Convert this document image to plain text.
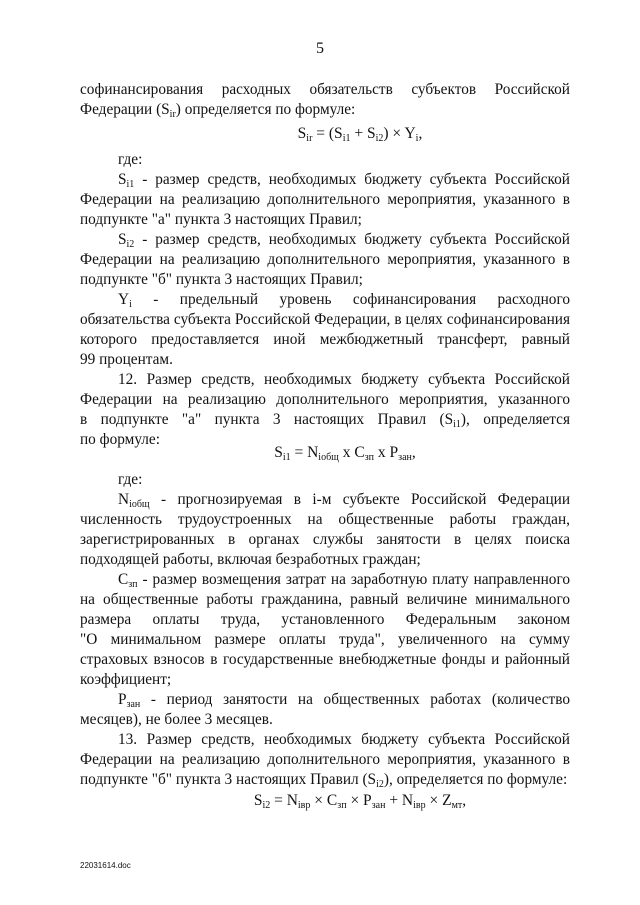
5
софинансирования расходных обязательств субъектов Российской
Федерации $(S_{ir})$ определяется по формуле:
$S_{ir} = (S_{i1} + S_{i2}) \times Y_i$,
где:
$S_{i1}$ - размер средств, необходимых бюджету субъекта Российской
Федерации на реализацию дополнительного мероприятия, указанного в
подпункте "а" пункта 3 настоящих Правил;
$S_{i2}$ - размер средств, необходимых бюджету субъекта Российской
Федерации на реализацию дополнительного мероприятия, указанного в
подпункте "б" пункта 3 настоящих Правил;
$Y_i$ - предельный уровень софинансирования расходного
обязательства субъекта Российской Федерации, в целях софинансирования
которого предоставляется иной межбюджетный трансферт, равный
99 процентам.
12. Размер средств, необходимых бюджету субъекта Российской
Федерации на реализацию дополнительного мероприятия, указанного
в подпункте "а" пункта 3 настоящих Правил $(S_{i1})$, определяется
по формуле:
$S_{i1} = N_{iобщ}$ x $C_{зп}$ x $P_{зан}$,
где:
$N_{iобщ}$ - прогнозируемая в i-м субъекте Российской Федерации
численность трудоустроенных на общественные работы граждан,
зарегистрированных в органах службы занятости в целях поиска
подходящей работы, включая безработных граждан;
$C_{зп}$ - размер возмещения затрат на заработную плату направленного
на общественные работы гражданина, равный величине минимального
размера оплаты труда, установленного Федеральным законом
"О минимальном размере оплаты труда", увеличенного на сумму
страховых взносов в государственные внебюджетные фонды и районный
коэффициент;
$P_{зан}$ - период занятости на общественных работах (количество
месяцев), не более 3 месяцев.
13. Размер средств, необходимых бюджету субъекта Российской
Федерации на реализацию дополнительного мероприятия, указанного в
подпункте "б" пункта 3 настоящих Правил $(S_{i2})$, определяется по формуле:
$S_{i2} = N_{iвр} \times C_{зп} \times P_{зан} + N_{iвр} \times Z_{мт}$,
22031614.doc
